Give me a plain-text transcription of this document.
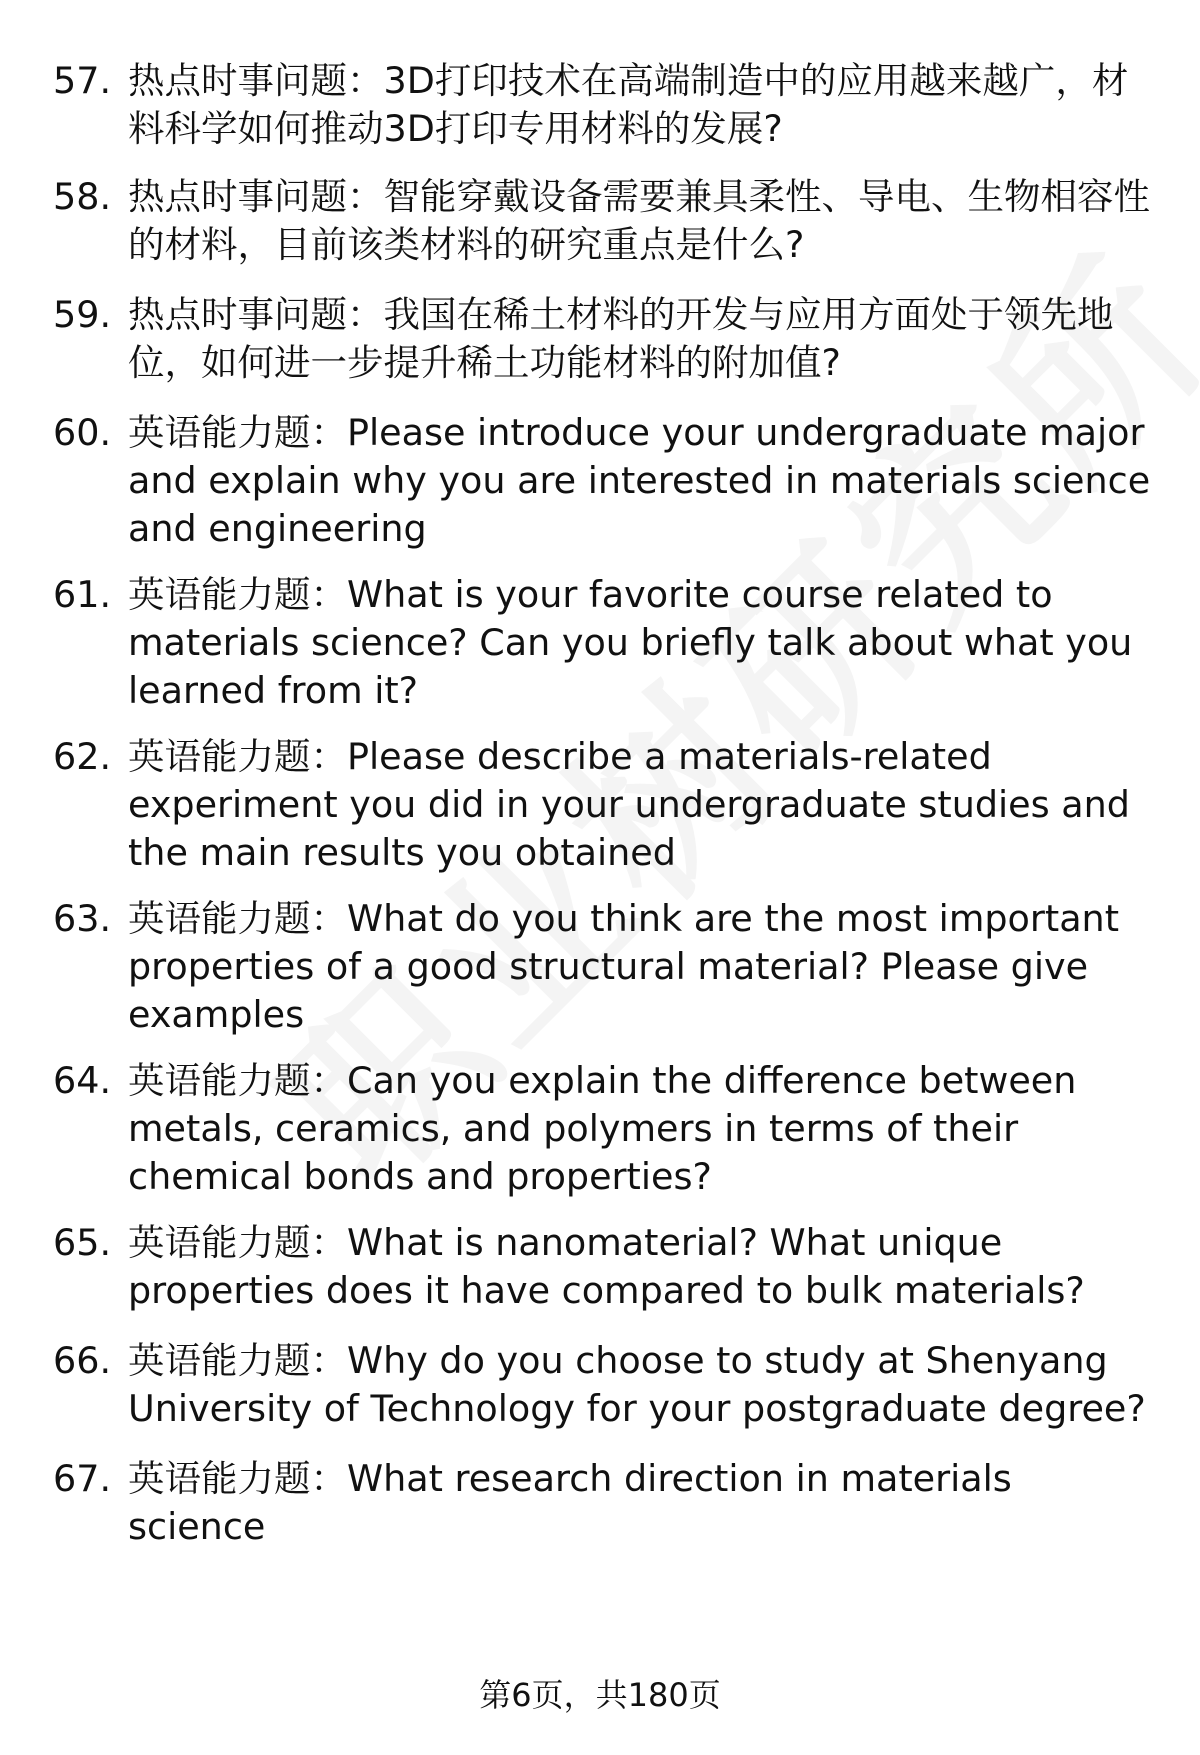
57. 热点时事问题：3D打印技术在高端制造中的应用越来越广，材料科学如何推动3D打印专用材料的发展?
58. 热点时事问题：智能穿戴设备需要兼具柔性、导电、生物相容性的材料，目前该类材料的研究重点是什么?
59. 热点时事问题：我国在稀土材料的开发与应用方面处于领先地位，如何进一步提升稀土功能材料的附加值?
60. 英语能力题：Please introduce your undergraduate major and explain why you are interested in materials science and engineering
61. 英语能力题：What is your favorite course related to materials science? Can you briefly talk about what you learned from it?
62. 英语能力题：Please describe a materials-related experiment you did in your undergraduate studies and the main results you obtained
63. 英语能力题：What do you think are the most important properties of a good structural material? Please give examples
64. 英语能力题：Can you explain the difference between metals, ceramics, and polymers in terms of their chemical bonds and properties?
65. 英语能力题：What is nanomaterial? What unique properties does it have compared to bulk materials?
66. 英语能力题：Why do you choose to study at Shenyang University of Technology for your postgraduate degree?
67. 英语能力题：What research direction in materials science
第6页，共180页
